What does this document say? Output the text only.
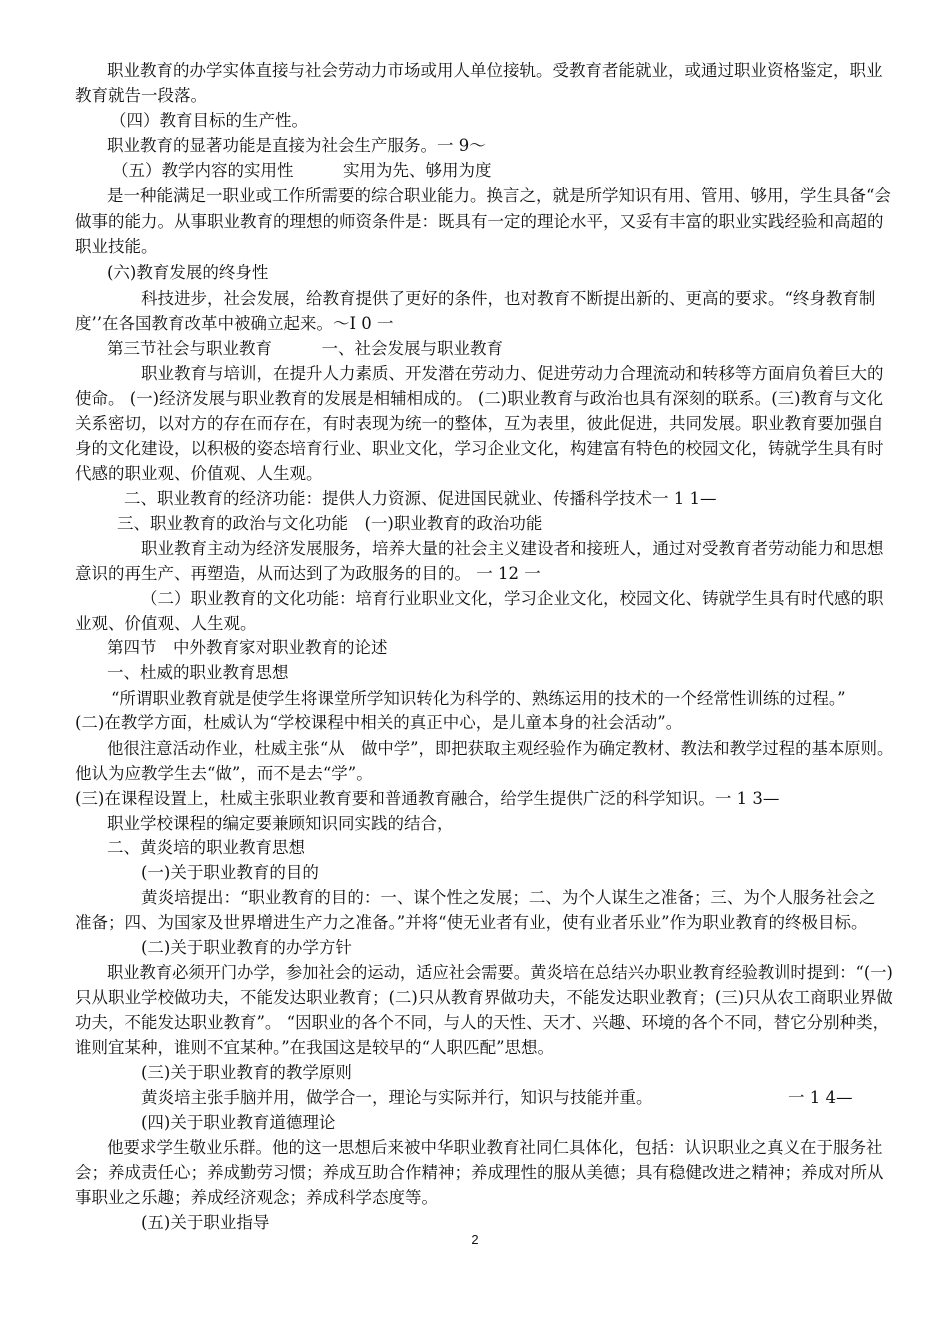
职业教育的办学实体直接与社会劳动力市场或用人单位接轨。受教育者能就业，或通过职业资格鉴定，职业
教育就告一段落。
（四）教育目标的生产性。
职业教育的显著功能是直接为社会生产服务。一 9～
（五）教学内容的实用性　　　实用为先、够用为度
是一种能满足一职业或工作所需要的综合职业能力。换言之，就是所学知识有用、管用、够用，学生具备“会
做事的能力。从事职业教育的理想的师资条件是：既具有一定的理论水平，又妥有丰富的职业实践经验和高超的
职业技能。
(六)教育发展的终身性
科技进步，社会发展，给教育提供了更好的条件，也对教育不断提出新的、更高的要求。“终身教育制
度’’在各国教育改革中被确立起来。～I 0 一
第三节社会与职业教育　　　一、社会发展与职业教育
职业教育与培训，在提升人力素质、开发潜在劳动力、促进劳动力合理流动和转移等方面肩负着巨大的
使命。 (一)经济发展与职业教育的发展是相辅相成的。 (二)职业教育与政治也具有深刻的联系。(三)教育与文化
关系密切，以对方的存在而存在，有时表现为统一的整体，互为表里，彼此促进，共同发展。职业教育要加强自
身的文化建设，以积极的姿态培育行业、职业文化，学习企业文化，构建富有特色的校园文化，铸就学生具有时
代感的职业观、价值观、人生观。
二、职业教育的经济功能：提供人力资源、促进国民就业、传播科学技术一 1 1—
三、职业教育的政治与文化功能　(一)职业教育的政治功能
职业教育主动为经济发展服务，培养大量的社会主义建设者和接班人，通过对受教育者劳动能力和思想
意识的再生产、再塑造，从而达到了为政服务的目的。 一 12 一
（二）职业教育的文化功能：培育行业职业文化，学习企业文化，校园文化、铸就学生具有时代感的职
业观、价值观、人生观。
第四节　中外教育家对职业教育的论述
一、杜威的职业教育思想
“所谓职业教育就是使学生将课堂所学知识转化为科学的、熟练运用的技术的一个经常性训练的过程。”
(二)在教学方面，杜威认为“学校课程中相关的真正中心，是儿童本身的社会活动”。
他很注意活动作业，杜威主张“从　做中学”，即把获取主观经验作为确定教材、教法和教学过程的基本原则。
他认为应教学生去“做”，而不是去“学”。
(三)在课程设置上，杜威主张职业教育要和普通教育融合，给学生提供广泛的科学知识。一 1 3—
职业学校课程的编定要兼顾知识同实践的结合，
二、黄炎培的职业教育思想
(一)关于职业教育的目的
黄炎培提出：“职业教育的目的：一、谋个性之发展；二、为个人谋生之准备；三、为个人服务社会之
准备；四、为国家及世界增进生产力之准备。”并将“使无业者有业，使有业者乐业”作为职业教育的终极目标。
(二)关于职业教育的办学方针
职业教育必须开门办学，参加社会的运动，适应社会需要。黄炎培在总结兴办职业教育经验教训时提到：“(一)
只从职业学校做功夫，不能发达职业教育；(二)只从教育界做功夫，不能发达职业教育；(三)只从农工商职业界做
功夫，不能发达职业教育”。 “因职业的各个不同，与人的天性、天才、兴趣、环境的各个不同，替它分别种类，
谁则宜某种，谁则不宜某种。”在我国这是较早的“人职匹配”思想。
(三)关于职业教育的教学原则
黄炎培主张手脑并用，做学合一，理论与实际并行，知识与技能并重。	一 1 4—
(四)关于职业教育道德理论
他要求学生敬业乐群。他的这一思想后来被中华职业教育社同仁具体化，包括：认识职业之真义在于服务社
会；养成责任心；养成勤劳习惯；养成互助合作精神；养成理性的服从美德；具有稳健改进之精神；养成对所从
事职业之乐趣；养成经济观念；养成科学态度等。
(五)关于职业指导
2
